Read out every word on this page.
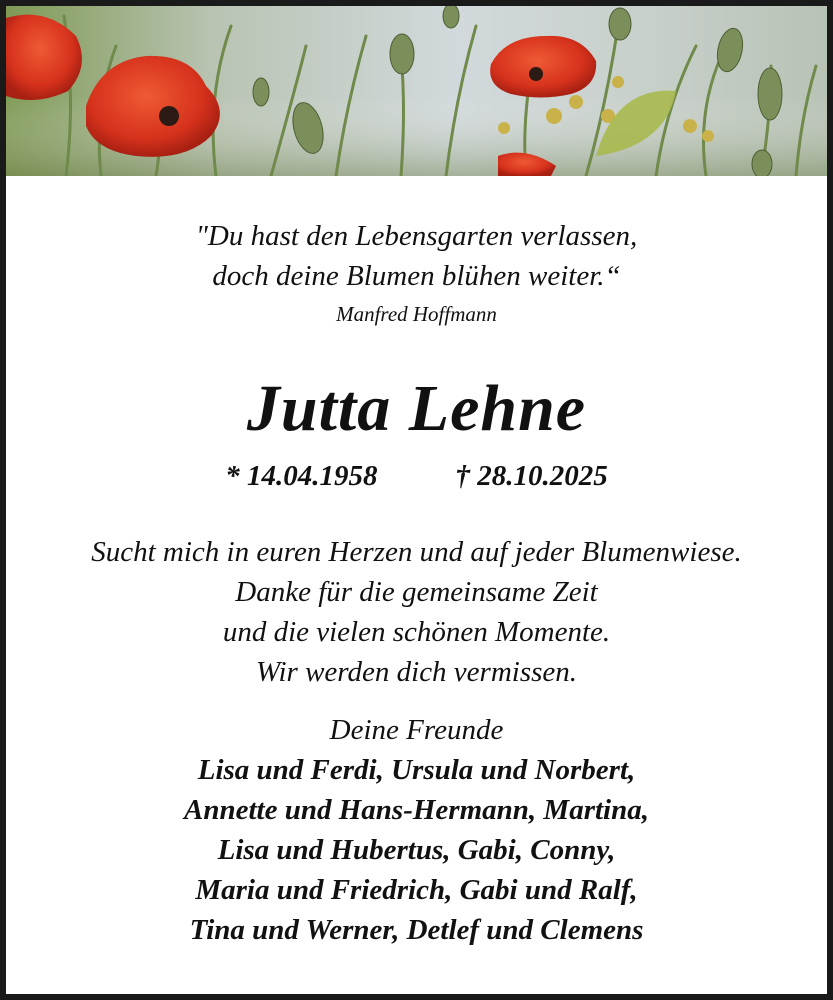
"Du hast den Lebensgarten verlassen,
doch deine Blumen blühen weiter.“
Manfred Hoffmann
Jutta Lehne
* 14.04.1958	† 28.10.2025
Sucht mich in euren Herzen und auf jeder Blumenwiese.
Danke für die gemeinsame Zeit
und die vielen schönen Momente.
Wir werden dich vermissen.
Deine Freunde
Lisa und Ferdi, Ursula und Norbert,
Annette und Hans-Hermann, Martina,
Lisa und Hubertus, Gabi, Conny,
Maria und Friedrich, Gabi und Ralf,
Tina und Werner, Detlef und Clemens
